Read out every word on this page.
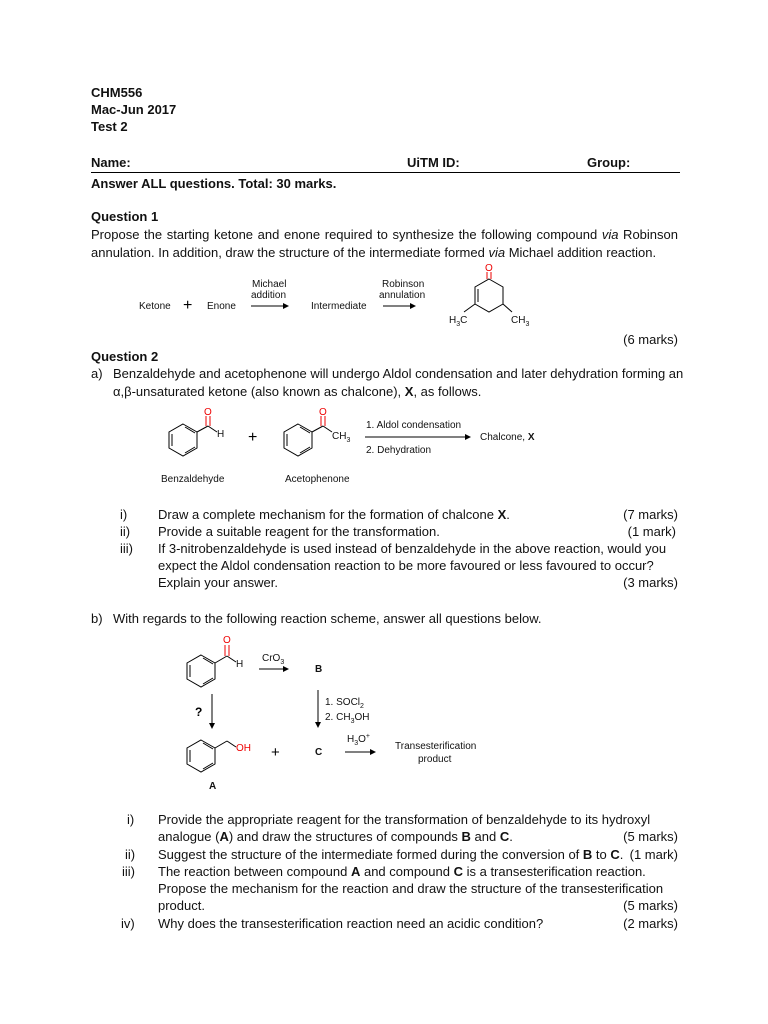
CHM556
Mac-Jun 2017
Test 2
Name:	UiTM ID:	Group:
Answer ALL questions. Total: 30 marks.
Question 1
Propose the starting ketone and enone required to synthesize the following compound via Robinson annulation. In addition, draw the structure of the intermediate formed via Michael addition reaction.
Ketone + Enone
Michael
addition
Intermediate
Robinson
annulation
O
$H_3C$	$CH_3$
(6 marks)
Question 2
a) Benzaldehyde and acetophenone will undergo Aldol condensation and later dehydration forming an
α,β-unsaturated ketone (also known as chalcone), X, as follows.
O
H +
O
$CH_3$
1. Aldol condensation
2. Dehydration
Chalcone, X
Benzaldehyde	Acetophenone
i) Draw a complete mechanism for the formation of chalcone X.	(7 marks)
ii) Provide a suitable reagent for the transformation.	(1 mark)
iii) If 3-nitrobenzaldehyde is used instead of benzaldehyde in the above reaction, would you
expect the Aldol condensation reaction to be more favoured or less favoured to occur?
Explain your answer.	(3 marks)
b) With regards to the following reaction scheme, answer all questions below.
O
H
CrO$_3$
B
?
1. SOCl$_2$
2. $CH_3OH$
OH +	C
$H_3O^+$
Transesterification
product
A
i) Provide the appropriate reagent for the transformation of benzaldehyde to its hydroxyl
analogue (A) and draw the structures of compounds B and C.	(5 marks)
ii) Suggest the structure of the intermediate formed during the conversion of B to C. (1 mark)
iii) The reaction between compound A and compound C is a transesterification reaction.
Propose the mechanism for the reaction and draw the structure of the transesterification
product.	(5 marks)
iv) Why does the transesterification reaction need an acidic condition?	(2 marks)
